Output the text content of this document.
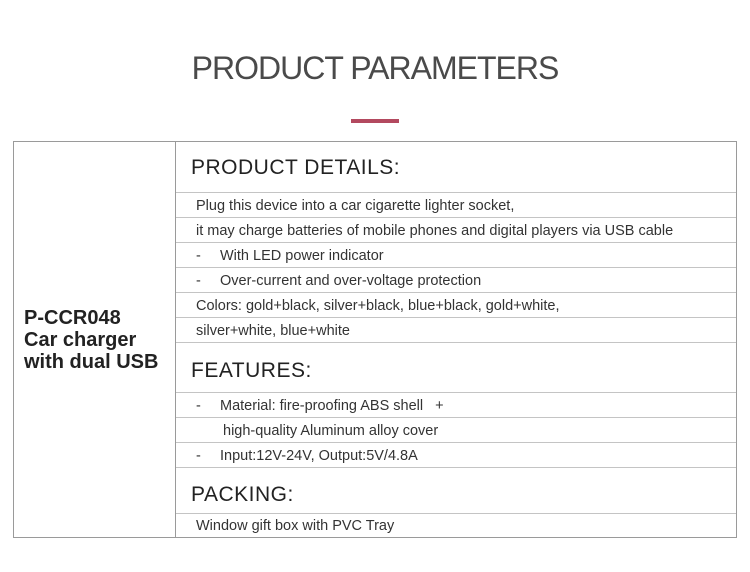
PRODUCT PARAMETERS
P-CCR048
Car charger
with dual USB
PRODUCT DETAILS:
Plug this device into a car cigarette lighter socket,
it may charge batteries of mobile phones and digital players via USB cable
- With LED power indicator
- Over-current and over-voltage protection
Colors: gold+black, silver+black, blue+black, gold+white,
silver+white, blue+white
FEATURES:
- Material: fire-proofing ABS shell   +
high-quality Aluminum alloy cover
- Input:12V-24V, Output:5V/4.8A
PACKING:
Window gift box with PVC Tray
